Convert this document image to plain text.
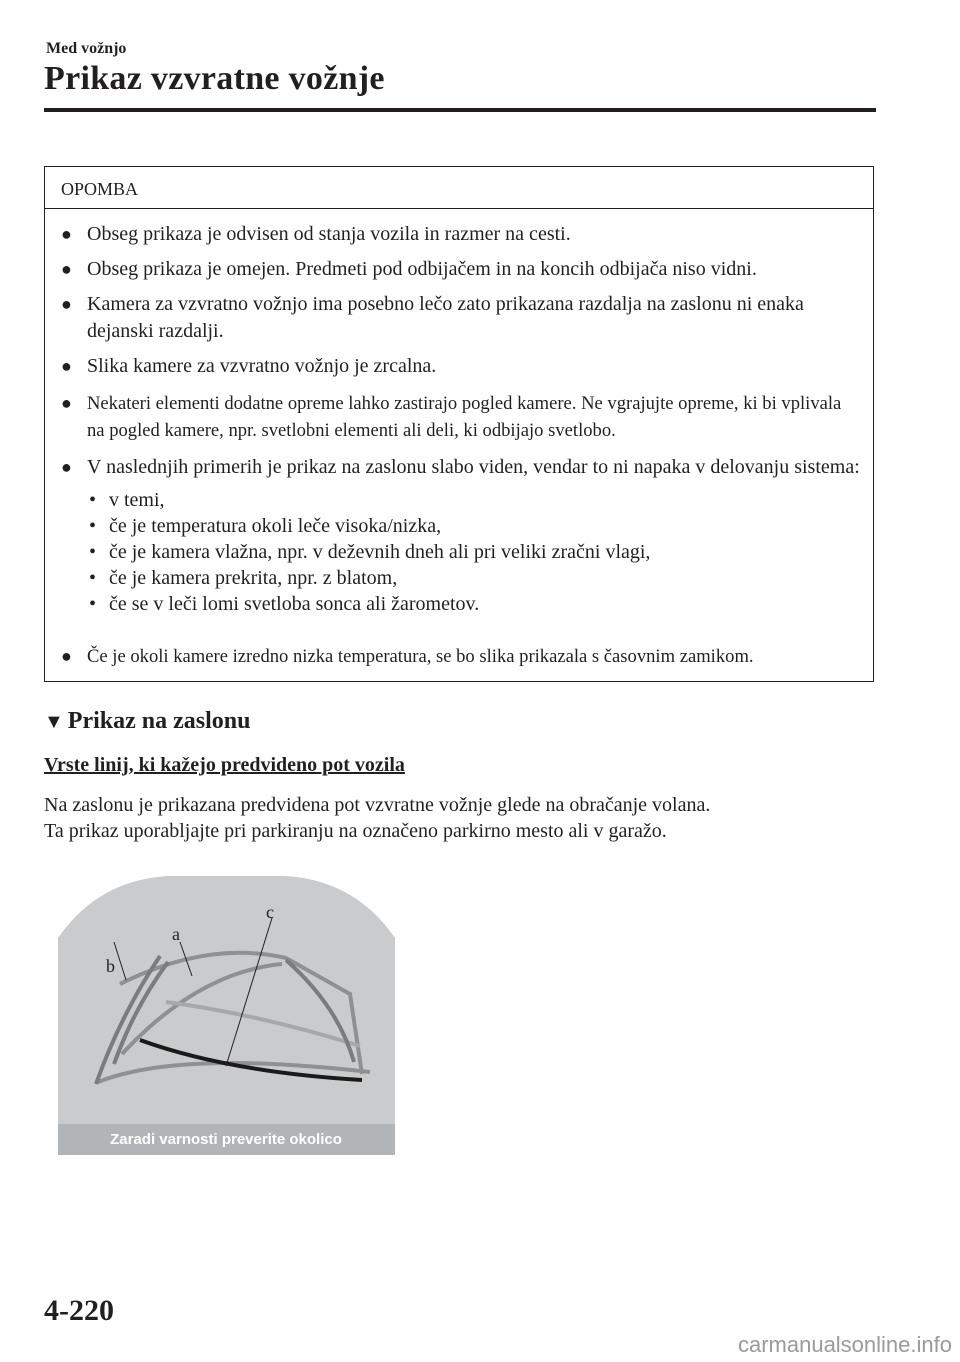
Med vožnjo
Prikaz vzvratne vožnje
OPOMBA
● Obseg prikaza je odvisen od stanja vozila in razmer na cesti.
● Obseg prikaza je omejen. Predmeti pod odbijačem in na koncih odbijača niso vidni.
● Kamera za vzvratno vožnjo ima posebno lečo zato prikazana razdalja na zaslonu ni enaka dejanski razdalji.
● Slika kamere za vzvratno vožnjo je zrcalna.
● Nekateri elementi dodatne opreme lahko zastirajo pogled kamere. Ne vgrajujte opreme, ki bi vplivala na pogled kamere, npr. svetlobni elementi ali deli, ki odbijajo svetlobo.
● V naslednjih primerih je prikaz na zaslonu slabo viden, vendar to ni napaka v delovanju sistema:
• v temi,
• če je temperatura okoli leče visoka/nizka,
• če je kamera vlažna, npr. v deževnih dneh ali pri veliki zračni vlagi,
• če je kamera prekrita, npr. z blatom,
• če se v leči lomi svetloba sonca ali žarometov.
● Če je okoli kamere izredno nizka temperatura, se bo slika prikazala s časovnim zamikom.
▼ Prikaz na zaslonu
Vrste linij, ki kažejo predvideno pot vozila
Na zaslonu je prikazana predvidena pot vzvratne vožnje glede na obračanje volana.
Ta prikaz uporabljajte pri parkiranju na označeno parkirno mesto ali v garažo.
b
a
c
Zaradi varnosti preverite okolico
4-220
carmanualsonline.info
